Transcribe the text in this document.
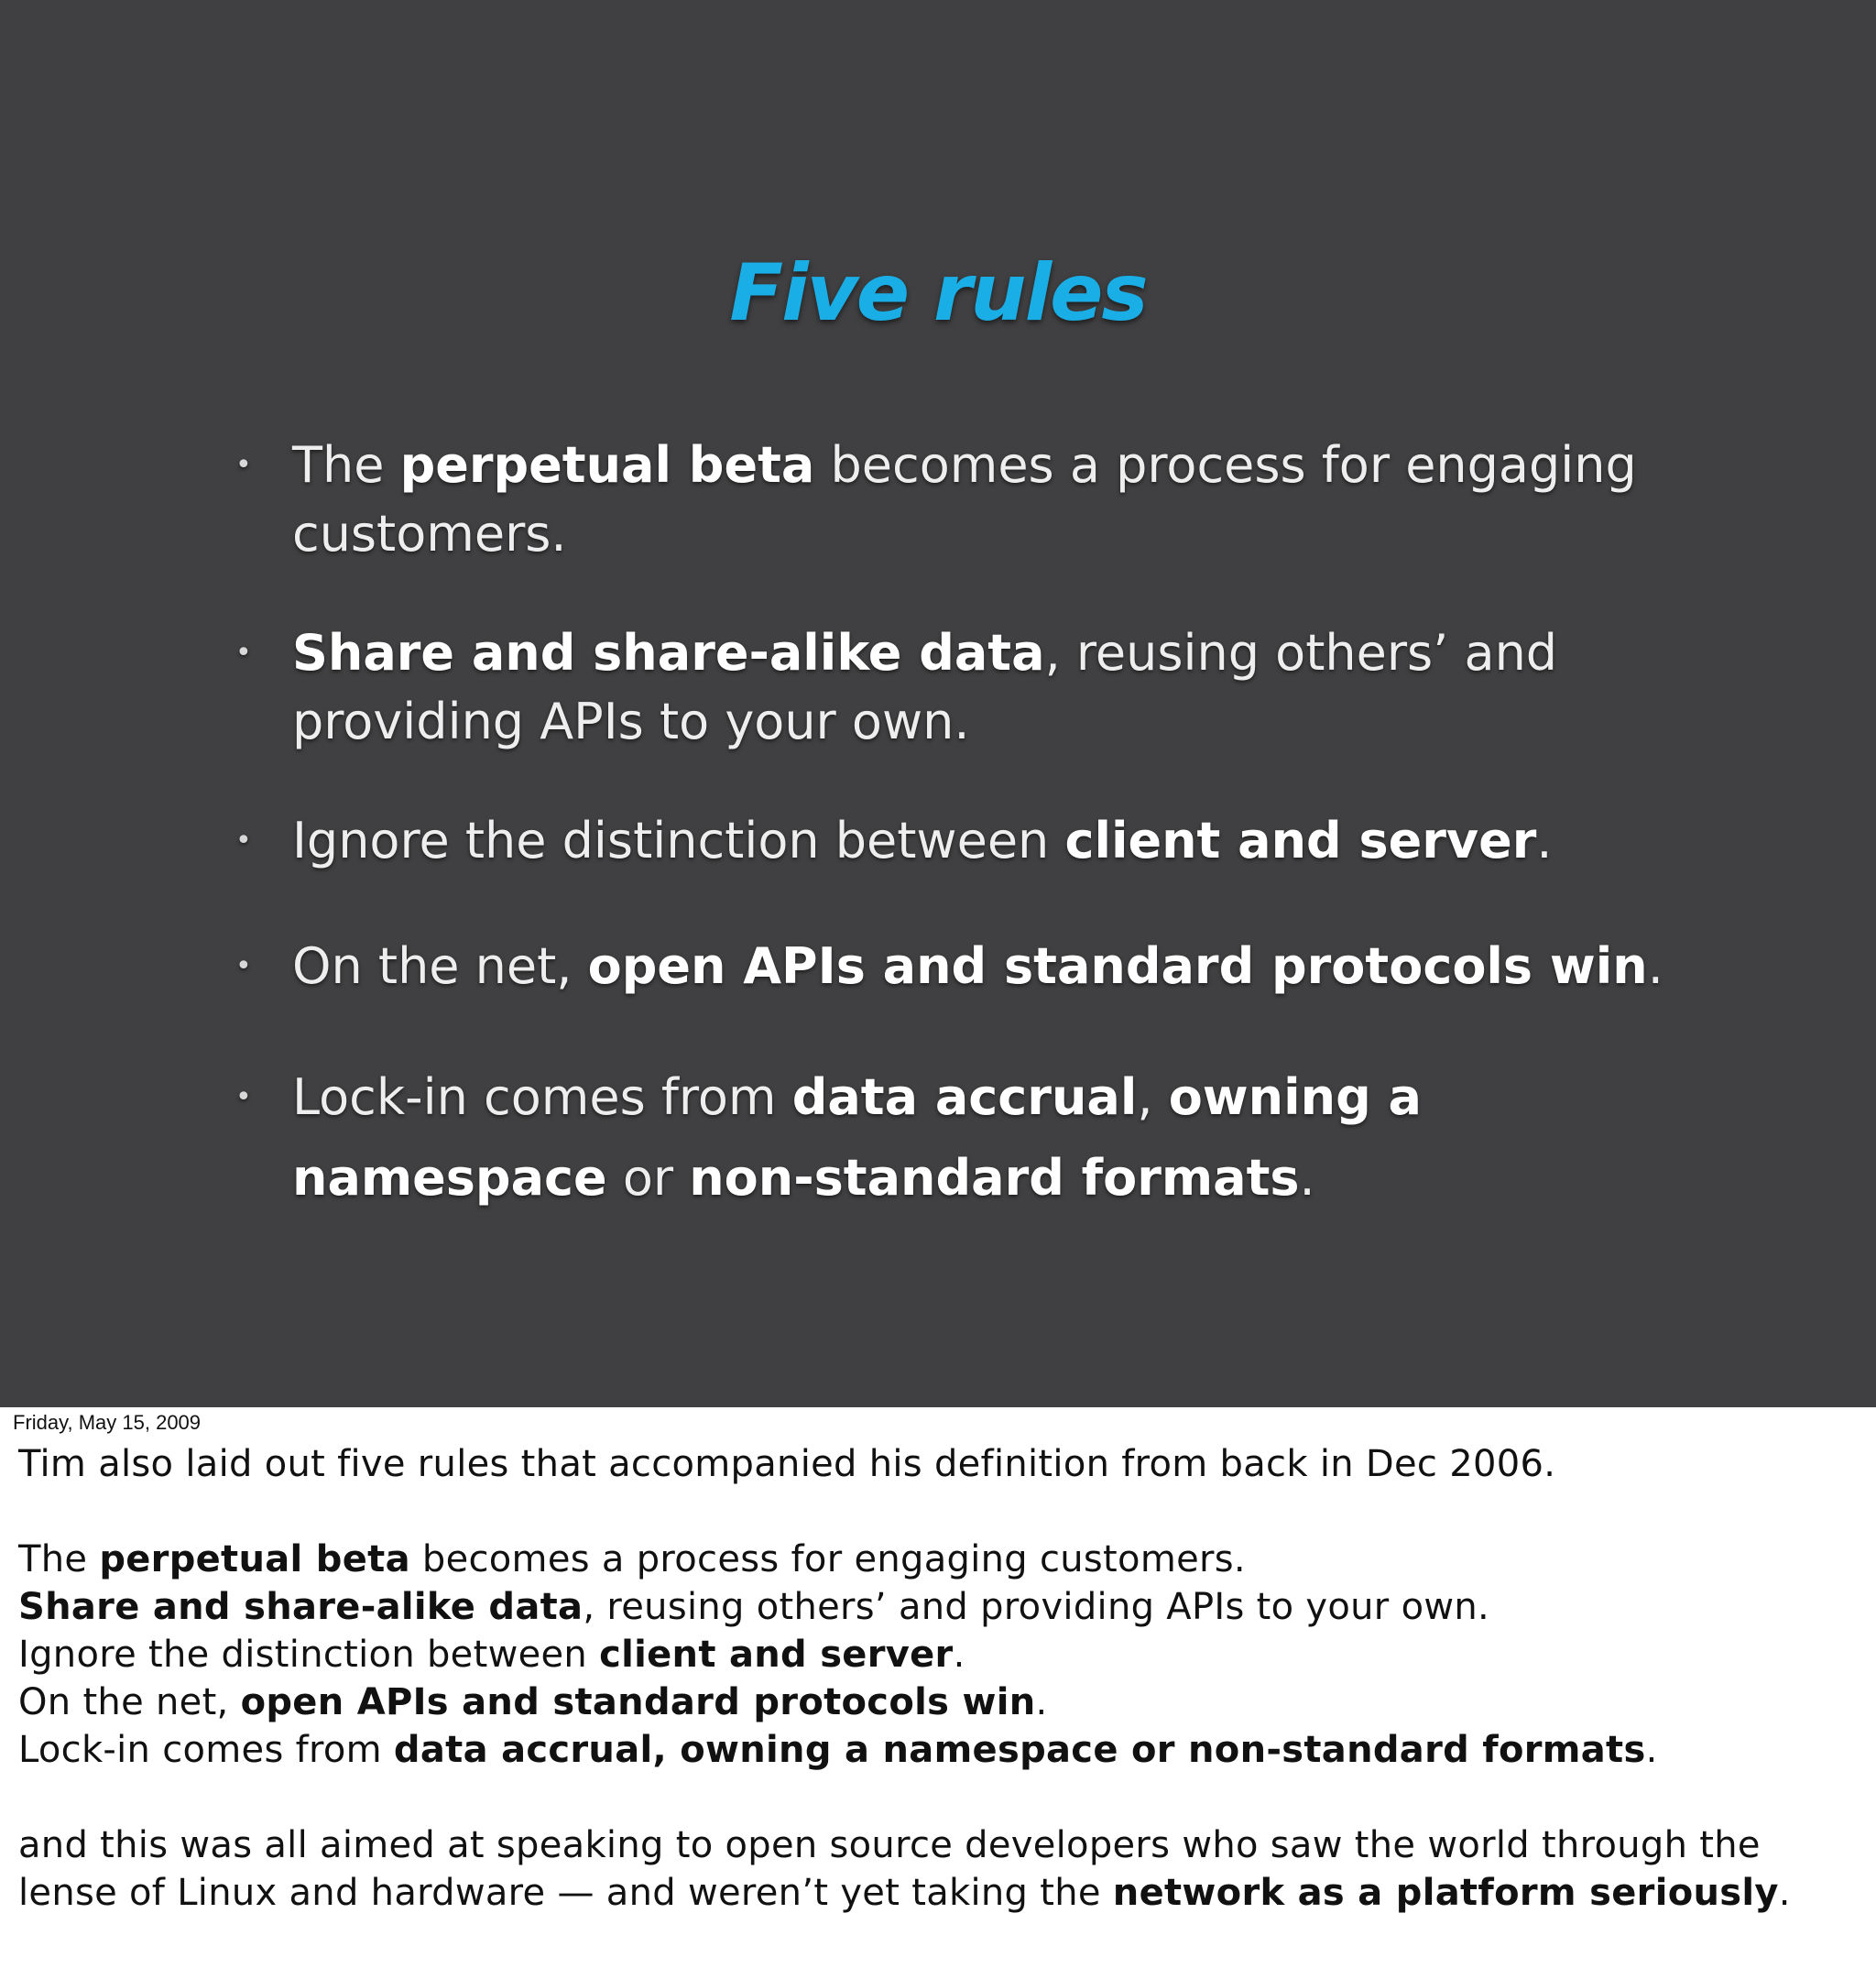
Five rules
• The perpetual beta becomes a process for engaging customers.
• Share and share-alike data, reusing others’ and providing APIs to your own.
• Ignore the distinction between client and server.
• On the net, open APIs and standard protocols win.
• Lock-in comes from data accrual, owning a namespace or non-standard formats.
Friday, May 15, 2009

Tim also laid out five rules that accompanied his definition from back in Dec 2006.

The perpetual beta becomes a process for engaging customers.

Share and share-alike data, reusing others’ and providing APIs to your own.

Ignore the distinction between client and server.

On the net, open APIs and standard protocols win.

Lock-in comes from data accrual, owning a namespace or non-standard formats.

and this was all aimed at speaking to open source developers who saw the world through the lense of Linux and hardware — and weren’t yet taking the network as a platform seriously.
